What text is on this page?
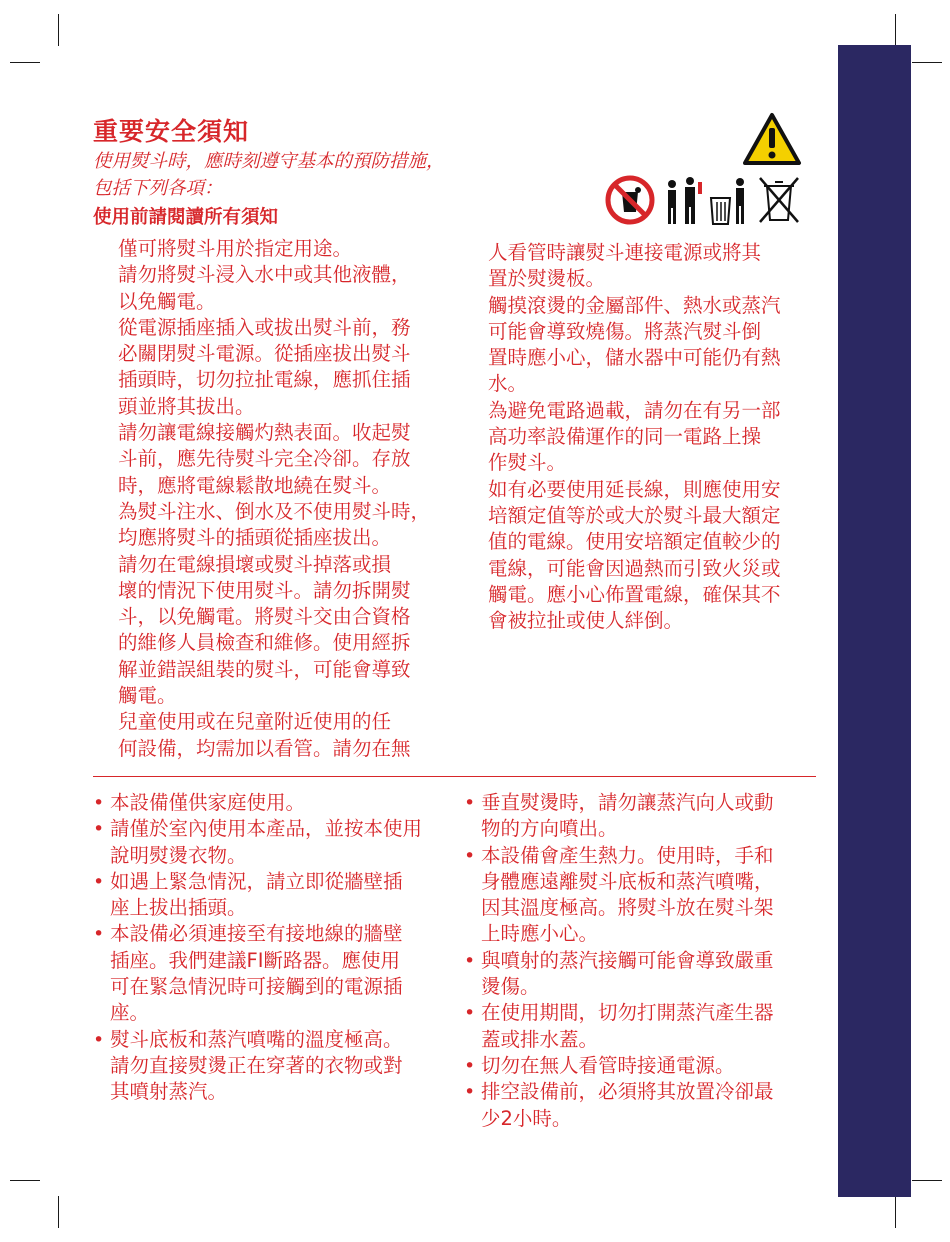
重要安全須知
使用熨斗時，應時刻遵守基本的預防措施，
包括下列各項：
使用前請閱讀所有須知
僅可將熨斗用於指定用途。
請勿將熨斗浸入水中或其他液體，
以免觸電。
從電源插座插入或拔出熨斗前，務
必關閉熨斗電源。從插座拔出熨斗
插頭時，切勿拉扯電線，應抓住插
頭並將其拔出。
請勿讓電線接觸灼熱表面。收起熨
斗前，應先待熨斗完全冷卻。存放
時，應將電線鬆散地繞在熨斗。
為熨斗注水、倒水及不使用熨斗時，
均應將熨斗的插頭從插座拔出。
請勿在電線損壞或熨斗掉落或損
壞的情況下使用熨斗。請勿拆開熨
斗，以免觸電。將熨斗交由合資格
的維修人員檢查和維修。使用經拆
解並錯誤組裝的熨斗，可能會導致
觸電。
兒童使用或在兒童附近使用的任
何設備，均需加以看管。請勿在無
人看管時讓熨斗連接電源或將其
置於熨燙板。
觸摸滾燙的金屬部件、熱水或蒸汽
可能會導致燒傷。將蒸汽熨斗倒
置時應小心，儲水器中可能仍有熱
水。
為避免電路過載，請勿在有另一部
高功率設備運作的同一電路上操
作熨斗。
如有必要使用延長線，則應使用安
培額定值等於或大於熨斗最大額定
值的電線。使用安培額定值較少的
電線，可能會因過熱而引致火災或
觸電。應小心佈置電線，確保其不
會被拉扯或使人絆倒。
• 本設備僅供家庭使用。
• 請僅於室內使用本產品，並按本使用
說明熨燙衣物。
• 如遇上緊急情況，請立即從牆壁插
座上拔出插頭。
• 本設備必須連接至有接地線的牆壁
插座。我們建議FI斷路器。應使用
可在緊急情況時可接觸到的電源插
座。
• 熨斗底板和蒸汽噴嘴的溫度極高。
請勿直接熨燙正在穿著的衣物或對
其噴射蒸汽。
• 垂直熨燙時，請勿讓蒸汽向人或動
物的方向噴出。
• 本設備會產生熱力。使用時，手和
身體應遠離熨斗底板和蒸汽噴嘴，
因其溫度極高。將熨斗放在熨斗架
上時應小心。
• 與噴射的蒸汽接觸可能會導致嚴重
燙傷。
• 在使用期間，切勿打開蒸汽產生器
蓋或排水蓋。
• 切勿在無人看管時接通電源。
• 排空設備前，必須將其放置冷卻最
少2小時。
